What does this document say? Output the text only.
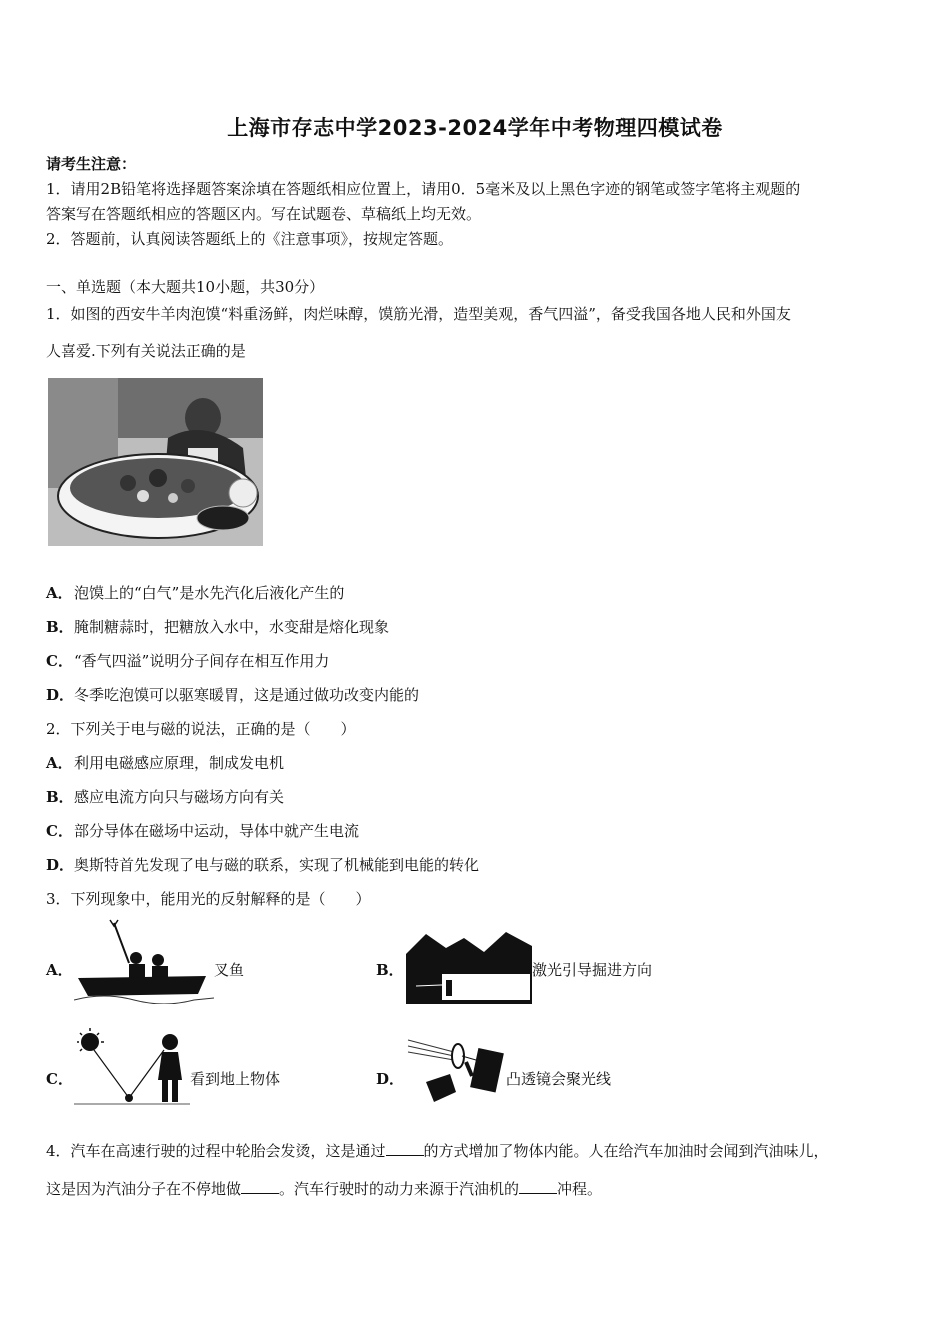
上海市存志中学2023-2024学年中考物理四模试卷
请考生注意：
1．请用2B铅笔将选择题答案涂填在答题纸相应位置上，请用0．5毫米及以上黑色字迹的钢笔或签字笔将主观题的
答案写在答题纸相应的答题区内。写在试题卷、草稿纸上均无效。
2．答题前，认真阅读答题纸上的《注意事项》，按规定答题。
一、单选题（本大题共10小题，共30分）
1．如图的西安牛羊肉泡馍“料重汤鲜，肉烂味醇，馍筋光滑，造型美观，香气四溢”，备受我国各地人民和外国友
人喜爱.下列有关说法正确的是
A． 泡馍上的“白气”是水先汽化后液化产生的
B． 腌制糖蒜时，把糖放入水中，水变甜是熔化现象
C． “香气四溢”说明分子间存在相互作用力
D． 冬季吃泡馍可以驱寒暖胃，这是通过做功改变内能的
2．下列关于电与磁的说法，正确的是（　　）
A． 利用电磁感应原理，制成发电机
B． 感应电流方向只与磁场方向有关
C． 部分导体在磁场中运动，导体中就产生电流
D． 奥斯特首先发现了电与磁的联系，实现了机械能到电能的转化
3．下列现象中，能用光的反射解释的是（　　）
A．	叉鱼	B．	激光引导掘进方向
C．	看到地上物体	D．	凸透镜会聚光线
4．汽车在高速行驶的过程中轮胎会发烫，这是通过	的方式增加了物体内能。人在给汽车加油时会闻到汽油味儿，
这是因为汽油分子在不停地做	。汽车行驶时的动力来源于汽油机的	冲程。
